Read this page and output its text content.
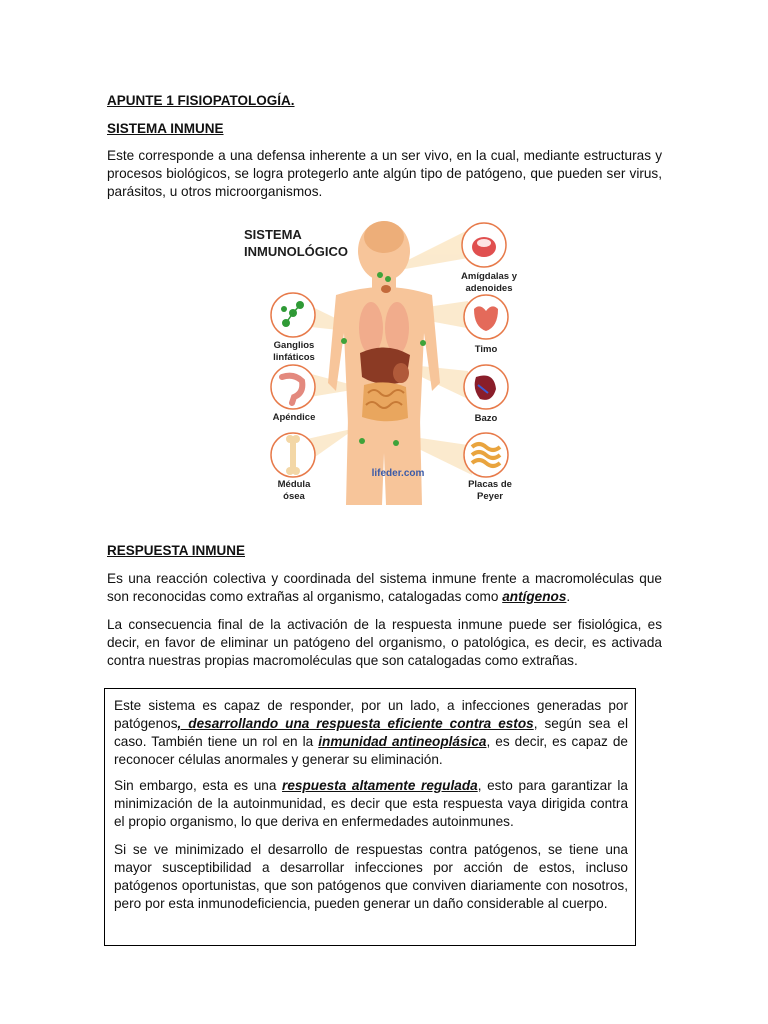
APUNTE 1 FISIOPATOLOGÍA.
SISTEMA INMUNE

Este corresponde a una defensa inherente a un ser vivo, en la cual, mediante estructuras y procesos biológicos, se logra protegerlo ante algún tipo de patógeno, que pueden ser virus, parásitos, u otros microorganismos.

SISTEMA
INMUNOLÓGICO
Amígdalas y
adenoides
Timo
Bazo
Placas de
Peyer
Ganglios
linfáticos
Apéndice
Médula
ósea
lifeder.com
RESPUESTA INMUNE

Es una reacción colectiva y coordinada del sistema inmune frente a macromoléculas que son reconocidas como extrañas al organismo, catalogadas como antígenos.

La consecuencia final de la activación de la respuesta inmune puede ser fisiológica, es decir, en favor de eliminar un patógeno del organismo, o patológica, es decir, es activada contra nuestras propias macromoléculas que son catalogadas como extrañas.

Este sistema es capaz de responder, por un lado, a infecciones generadas por patógenos, desarrollando una respuesta eficiente contra estos, según sea el caso. También tiene un rol en la inmunidad antineoplásica, es decir, es capaz de reconocer células anormales y generar su eliminación.

Sin embargo, esta es una respuesta altamente regulada, esto para garantizar la minimización de la autoinmunidad, es decir que esta respuesta vaya dirigida contra el propio organismo, lo que deriva en enfermedades autoinmunes.

Si se ve minimizado el desarrollo de respuestas contra patógenos, se tiene una mayor susceptibilidad a desarrollar infecciones por acción de estos, incluso patógenos oportunistas, que son patógenos que conviven diariamente con nosotros, pero por esta inmunodeficiencia, pueden generar un daño considerable al cuerpo.
